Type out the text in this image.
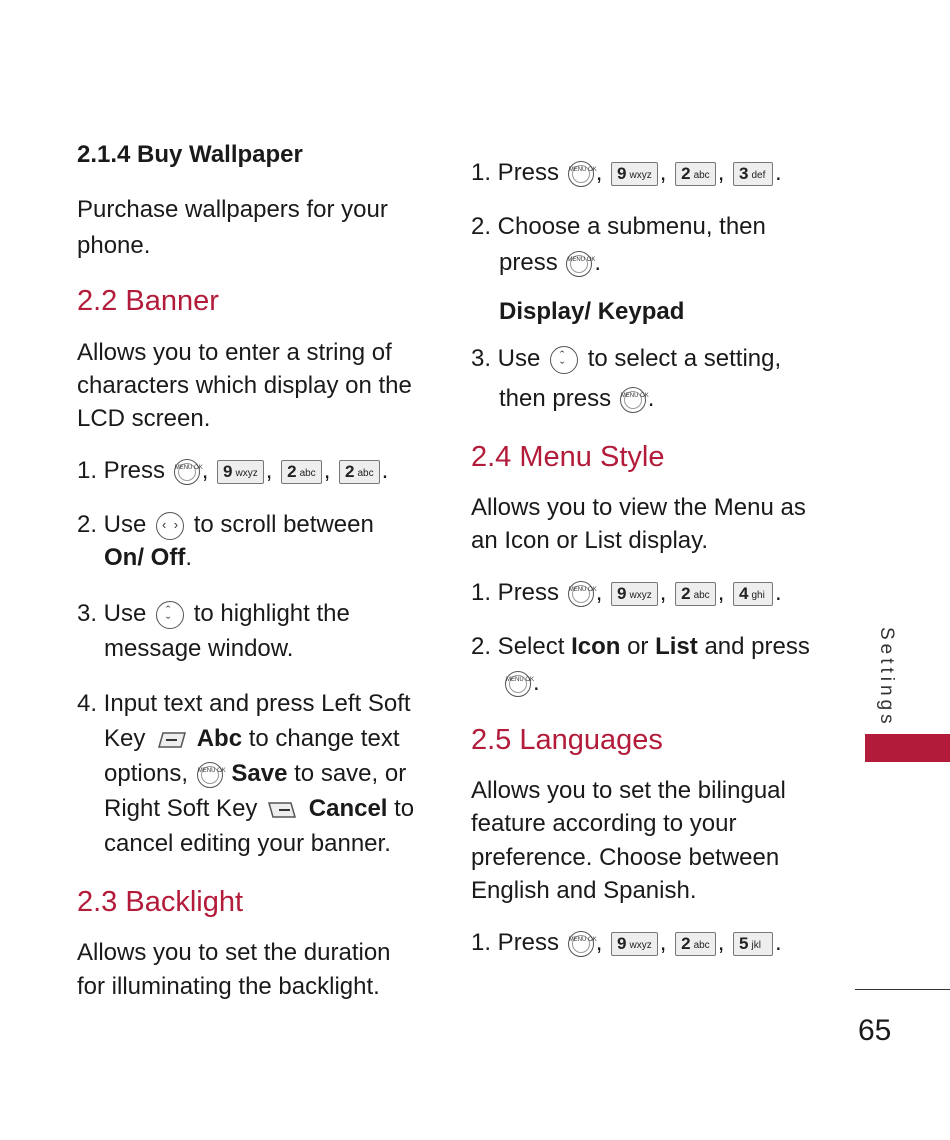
2.1.4 Buy Wallpaper
Purchase wallpapers for your
phone.
2.2 Banner
Allows you to enter a string of
characters which display on the
LCD screen.
1. Press MENU OK
, 9 wxyz , 2 abc , 2 abc .
2. Use ‹ › to scroll between
On/ Off.
3. Use ˆ ˇ to highlight the
message window.
4. Input text and press Left Soft
Key Abc to change text
options, MENU OK Save to save, or
Right Soft Key Cancel to
cancel editing your banner.
2.3 Backlight
Allows you to set the duration
for illuminating the backlight.
1. Press MENU OK
, 9 wxyz , 2 abc , 3 def .
2. Choose a submenu, then
press MENU OK
.
Display/ Keypad
3. Use ˆ ˇ to select a setting,
then press MENU OK
.
2.4 Menu Style
Allows you to view the Menu as
an Icon or List display.
1. Press MENU OK
, 9 wxyz , 2 abc , 4 ghi .
2. Select Icon or List and press
MENU OK
.
2.5 Languages
Allows you to set the bilingual
feature according to your
preference. Choose between
English and Spanish.
1. Press MENU OK
, 9 wxyz , 2 abc , 5 jkl .
Settings
65
